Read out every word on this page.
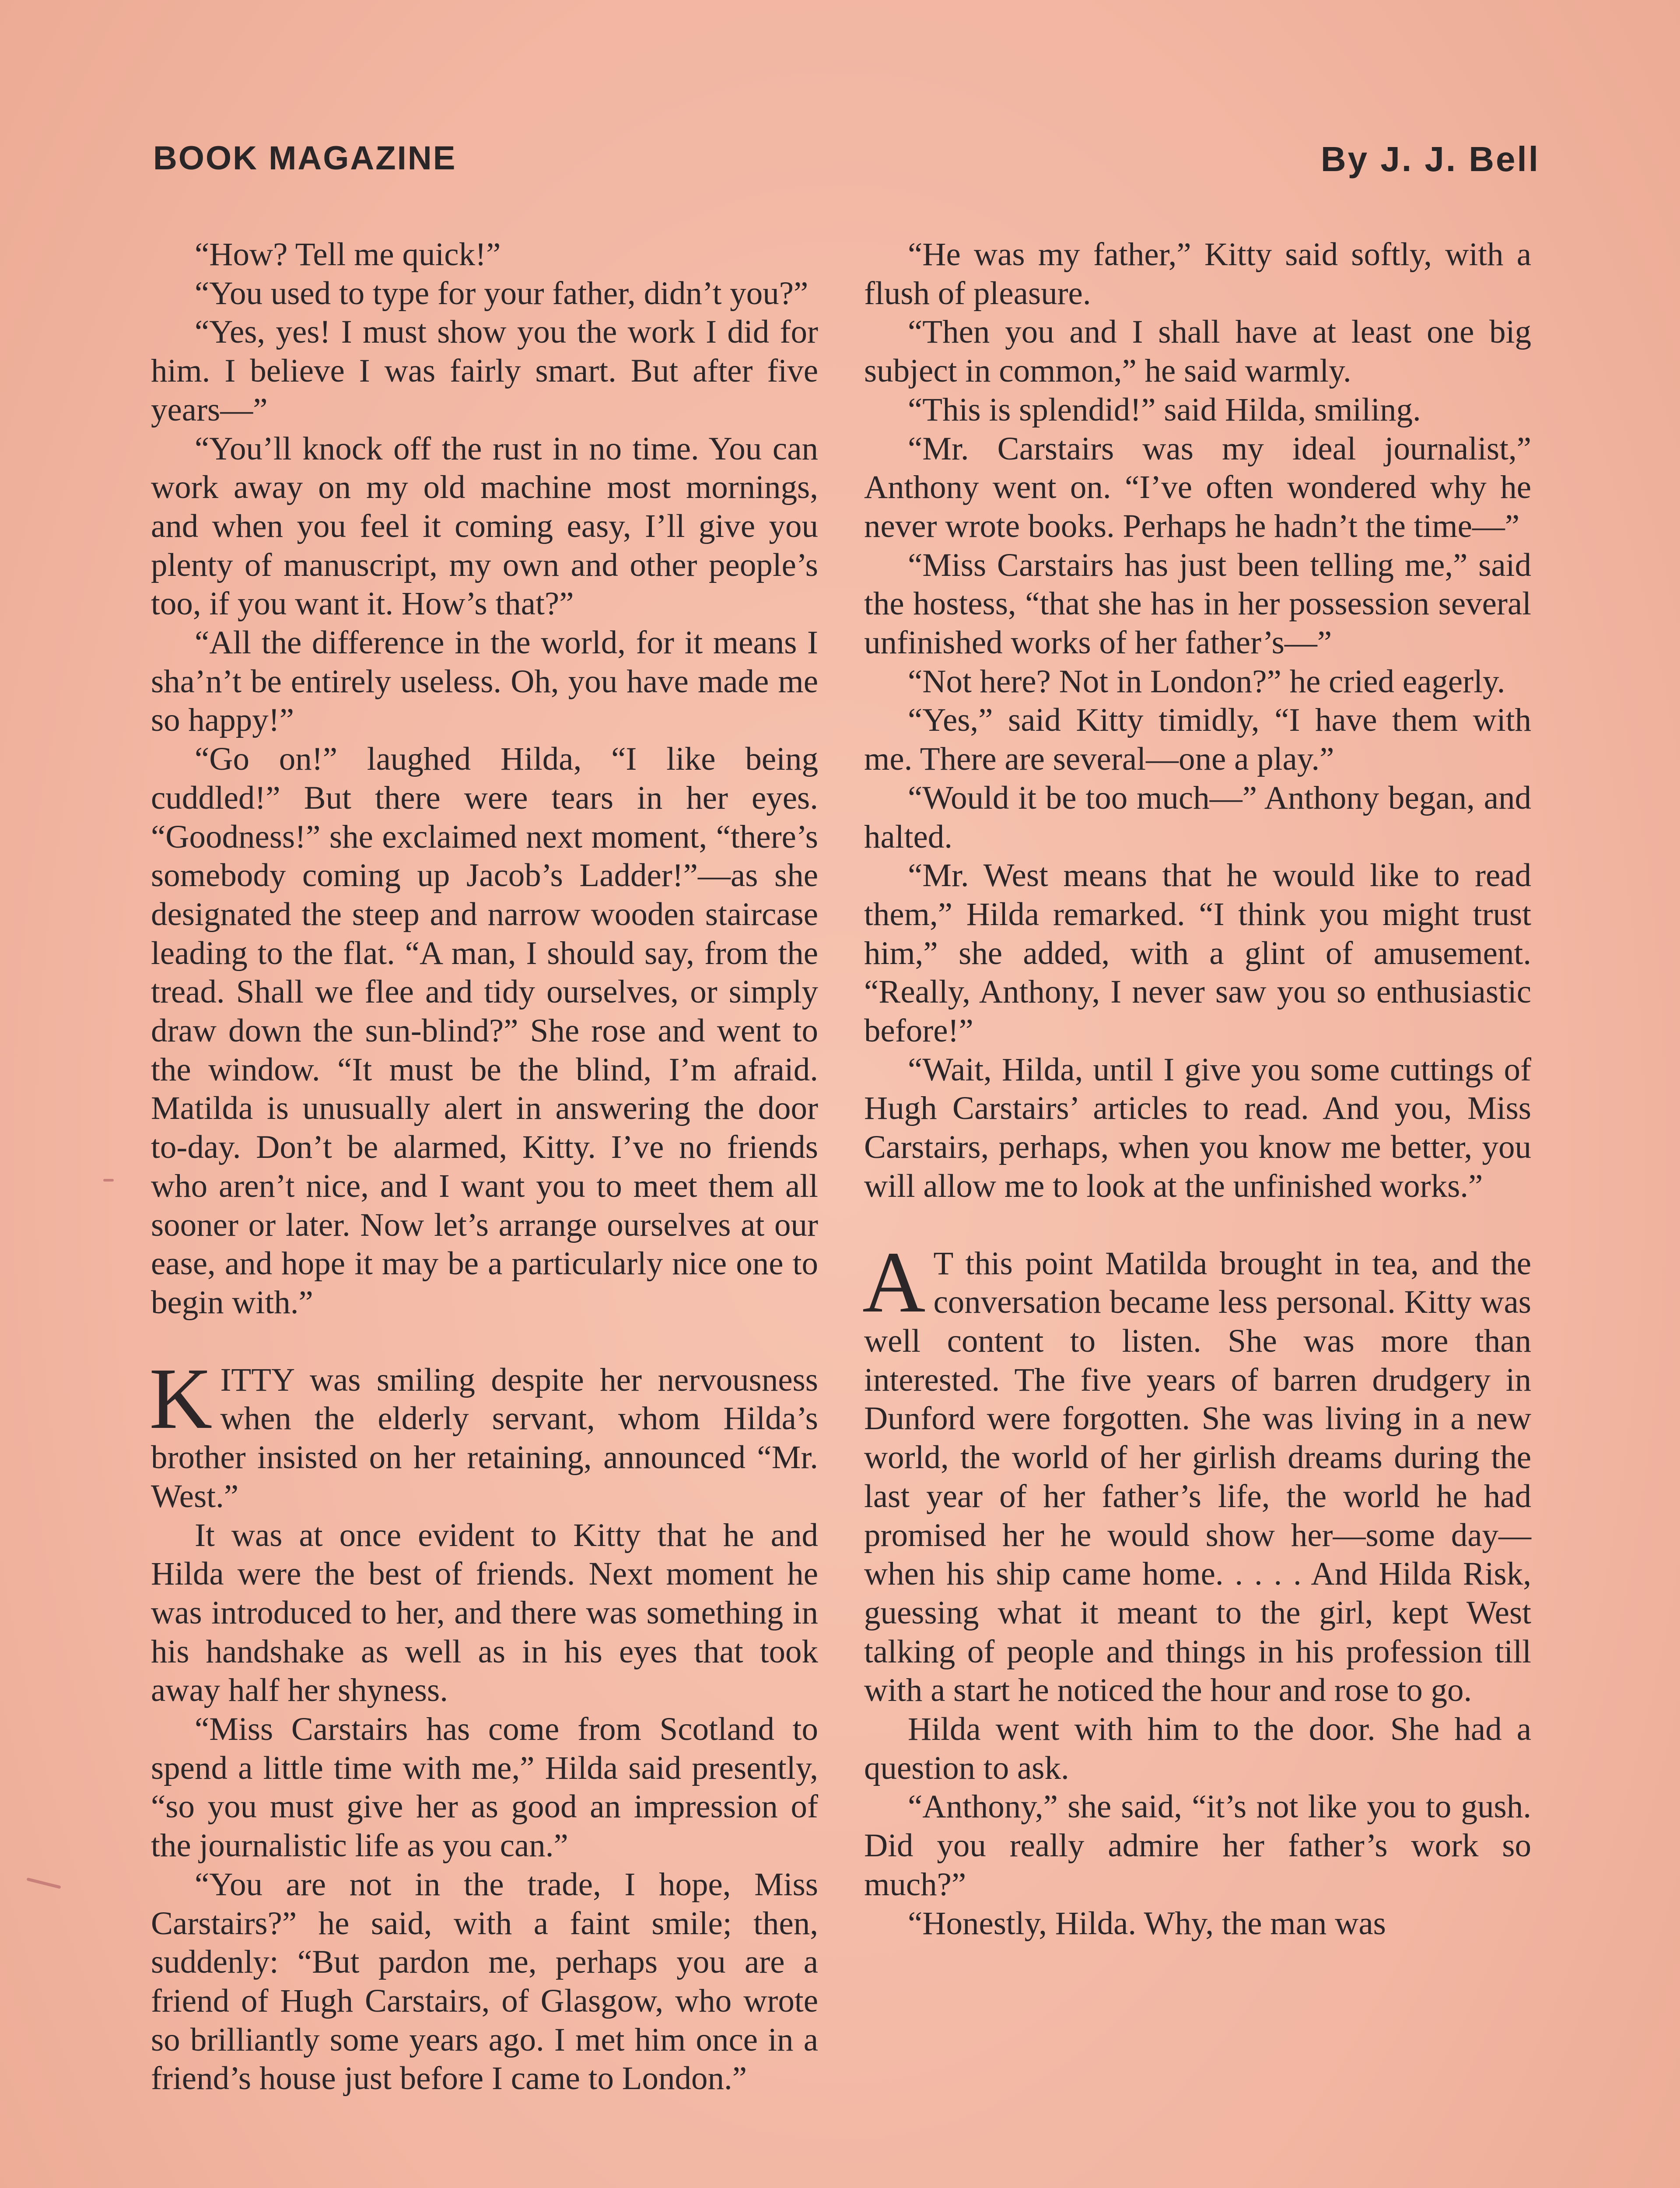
BOOK MAGAZINE	By J. J. Bell

“How? Tell me quick!”

“You used to type for your father, didn’t you?”

“Yes, yes! I must show you the work I did for him. I believe I was fairly smart. But after five years—”

“You’ll knock off the rust in no time. You can work away on my old machine most mornings, and when you feel it coming easy, I’ll give you plenty of manuscript, my own and other people’s too, if you want it. How’s that?”

“All the difference in the world, for it means I sha’n’t be entirely useless. Oh, you have made me so happy!”

“Go on!” laughed Hilda, “I like being cuddled!” But there were tears in her eyes. “Goodness!” she exclaimed next moment, “there’s somebody coming up Jacob’s Ladder!”—as she designated the steep and narrow wooden staircase leading to the flat. “A man, I should say, from the tread. Shall we flee and tidy ourselves, or simply draw down the sun-blind?” She rose and went to the window. “It must be the blind, I’m afraid. Matilda is unusually alert in answering the door to-day. Don’t be alarmed, Kitty. I’ve no friends who aren’t nice, and I want you to meet them all sooner or later. Now let’s arrange ourselves at our ease, and hope it may be a particularly nice one to begin with.”

KITTY was smiling despite her nervousness when the elderly servant, whom Hilda’s brother insisted on her retaining, announced “Mr. West.”

It was at once evident to Kitty that he and Hilda were the best of friends. Next moment he was introduced to her, and there was something in his handshake as well as in his eyes that took away half her shyness.

“Miss Carstairs has come from Scotland to spend a little time with me,” Hilda said presently, “so you must give her as good an impression of the journalistic life as you can.”

“You are not in the trade, I hope, Miss Carstairs?” he said, with a faint smile; then, suddenly: “But pardon me, perhaps you are a friend of Hugh Carstairs, of Glasgow, who wrote so brilliantly some years ago. I met him once in a friend’s house just before I came to London.”

“He was my father,” Kitty said softly, with a flush of pleasure.

“Then you and I shall have at least one big subject in common,” he said warmly.

“This is splendid!” said Hilda, smiling.

“Mr. Carstairs was my ideal journalist,” Anthony went on. “I’ve often wondered why he never wrote books. Perhaps he hadn’t the time—”

“Miss Carstairs has just been telling me,” said the hostess, “that she has in her possession several unfinished works of her father’s—”

“Not here? Not in London?” he cried eagerly.

“Yes,” said Kitty timidly, “I have them with me. There are several—one a play.”

“Would it be too much—” Anthony began, and halted.

“Mr. West means that he would like to read them,” Hilda remarked. “I think you might trust him,” she added, with a glint of amusement. “Really, Anthony, I never saw you so enthusiastic before!”

“Wait, Hilda, until I give you some cuttings of Hugh Carstairs’ articles to read. And you, Miss Carstairs, perhaps, when you know me better, you will allow me to look at the unfinished works.”

A T this point Matilda brought in tea, and the conversation became less personal. Kitty was well content to listen. She was more than interested. The five years of barren drudgery in Dunford were forgotten. She was living in a new world, the world of her girlish dreams during the last year of her father’s life, the world he had promised her he would show her—some day—when his ship came home. . . . . And Hilda Risk, guessing what it meant to the girl, kept West talking of people and things in his profession till with a start he noticed the hour and rose to go.

Hilda went with him to the door. She had a question to ask.

“Anthony,” she said, “it’s not like you to gush. Did you really admire her father’s work so much?”

“Honestly, Hilda. Why, the man was
